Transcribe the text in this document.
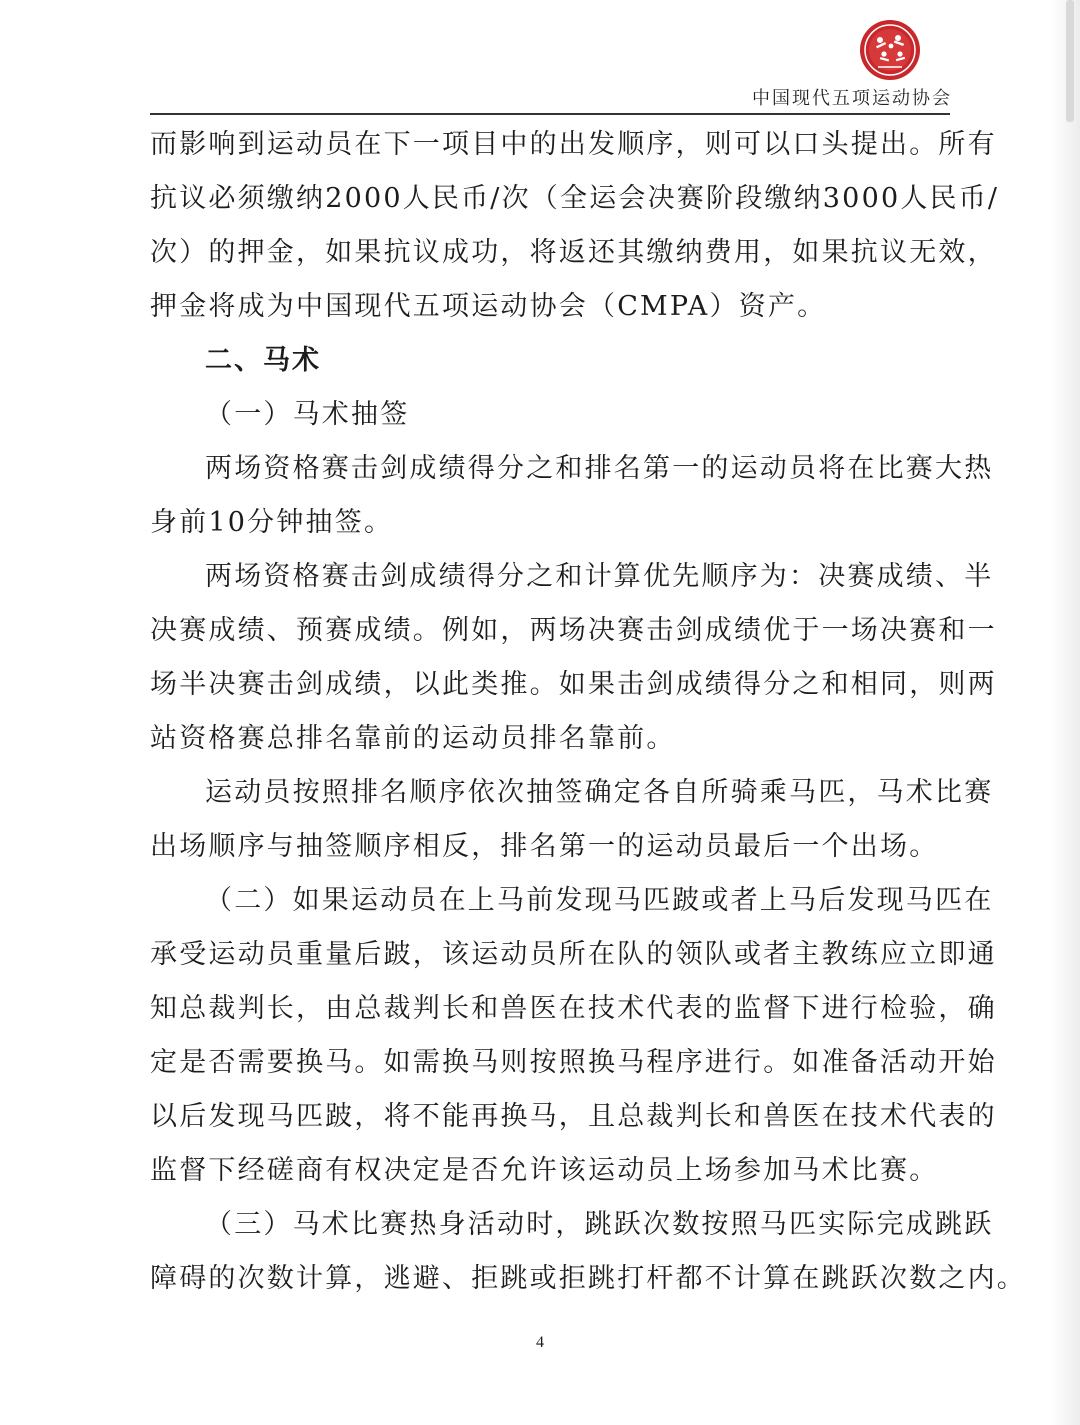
中国现代五项运动协会

而影响到运动员在下一项目中的出发顺序，则可以口头提出。所有

抗议必须缴纳2000人民币/次（全运会决赛阶段缴纳3000人民币/

次）的押金，如果抗议成功，将返还其缴纳费用，如果抗议无效，

押金将成为中国现代五项运动协会（CMPA）资产。

二、马术

（一）马术抽签

两场资格赛击剑成绩得分之和排名第一的运动员将在比赛大热

身前10分钟抽签。

两场资格赛击剑成绩得分之和计算优先顺序为：决赛成绩、半

决赛成绩、预赛成绩。例如，两场决赛击剑成绩优于一场决赛和一

场半决赛击剑成绩，以此类推。如果击剑成绩得分之和相同，则两

站资格赛总排名靠前的运动员排名靠前。

运动员按照排名顺序依次抽签确定各自所骑乘马匹，马术比赛

出场顺序与抽签顺序相反，排名第一的运动员最后一个出场。

（二）如果运动员在上马前发现马匹跛或者上马后发现马匹在

承受运动员重量后跛，该运动员所在队的领队或者主教练应立即通

知总裁判长，由总裁判长和兽医在技术代表的监督下进行检验，确

定是否需要换马。如需换马则按照换马程序进行。如准备活动开始

以后发现马匹跛，将不能再换马，且总裁判长和兽医在技术代表的

监督下经磋商有权决定是否允许该运动员上场参加马术比赛。

（三）马术比赛热身活动时，跳跃次数按照马匹实际完成跳跃

障碍的次数计算，逃避、拒跳或拒跳打杆都不计算在跳跃次数之内。

4
